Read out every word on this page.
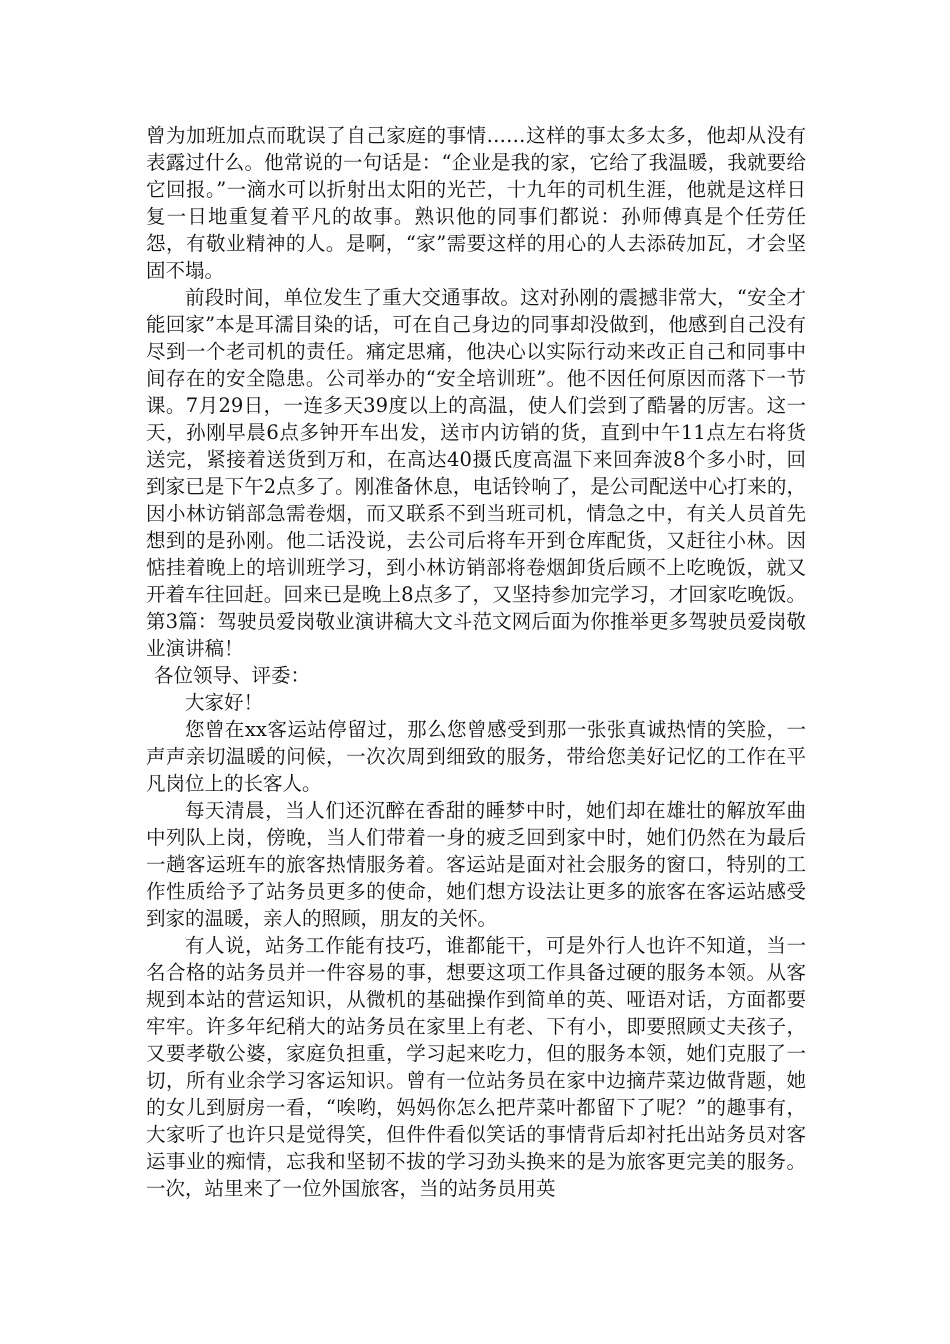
曾为加班加点而耽误了自己家庭的事情……这样的事太多太多，他却从没有表露过什么。他常说的一句话是：“企业是我的家，它给了我温暖，我就要给它回报。”一滴水可以折射出太阳的光芒，十九年的司机生涯，他就是这样日复一日地重复着平凡的故事。熟识他的同事们都说：孙师傅真是个任劳任怨，有敬业精神的人。是啊，“家”需要这样的用心的人去添砖加瓦，才会坚固不塌。

前段时间，单位发生了重大交通事故。这对孙刚的震撼非常大，“安全才能回家”本是耳濡目染的话，可在自己身边的同事却没做到，他感到自己没有尽到一个老司机的责任。痛定思痛，他决心以实际行动来改正自己和同事中间存在的安全隐患。公司举办的“安全培训班”。他不因任何原因而落下一节课。7月29日，一连多天39度以上的高温，使人们尝到了酷暑的厉害。这一天，孙刚早晨6点多钟开车出发，送市内访销的货，直到中午11点左右将货送完，紧接着送货到万和，在高达40摄氏度高温下来回奔波8个多小时，回到家已是下午2点多了。刚准备休息，电话铃响了，是公司配送中心打来的，因小林访销部急需卷烟，而又联系不到当班司机，情急之中，有关人员首先想到的是孙刚。他二话没说，去公司后将车开到仓库配货，又赶往小林。因惦挂着晚上的培训班学习，到小林访销部将卷烟卸货后顾不上吃晚饭，就又开着车往回赶。回来已是晚上8点多了，又坚持参加完学习，才回家吃晚饭。第3篇：驾驶员爱岗敬业演讲稿大文斗范文网后面为你推举更多驾驶员爱岗敬业演讲稿！

各位领导、评委：

大家好！

您曾在xx客运站停留过，那么您曾感受到那一张张真诚热情的笑脸，一声声亲切温暖的问候，一次次周到细致的服务，带给您美好记忆的工作在平凡岗位上的长客人。

每天清晨，当人们还沉醉在香甜的睡梦中时，她们却在雄壮的解放军曲中列队上岗，傍晚，当人们带着一身的疲乏回到家中时，她们仍然在为最后一趟客运班车的旅客热情服务着。客运站是面对社会服务的窗口，特别的工作性质给予了站务员更多的使命，她们想方设法让更多的旅客在客运站感受到家的温暖，亲人的照顾，朋友的关怀。

有人说，站务工作能有技巧，谁都能干，可是外行人也许不知道，当一名合格的站务员并一件容易的事，想要这项工作具备过硬的服务本领。从客规到本站的营运知识，从微机的基础操作到简单的英、哑语对话，方面都要牢牢。许多年纪稍大的站务员在家里上有老、下有小，即要照顾丈夫孩子，又要孝敬公婆，家庭负担重，学习起来吃力，但的服务本领，她们克服了一切，所有业余学习客运知识。曾有一位站务员在家中边摘芹菜边做背题，她的女儿到厨房一看，“唉哟，妈妈你怎么把芹菜叶都留下了呢？”的趣事有，大家听了也许只是觉得笑，但件件看似笑话的事情背后却衬托出站务员对客运事业的痴情，忘我和坚韧不拔的学习劲头换来的是为旅客更完美的服务。一次，站里来了一位外国旅客，当的站务员用英
